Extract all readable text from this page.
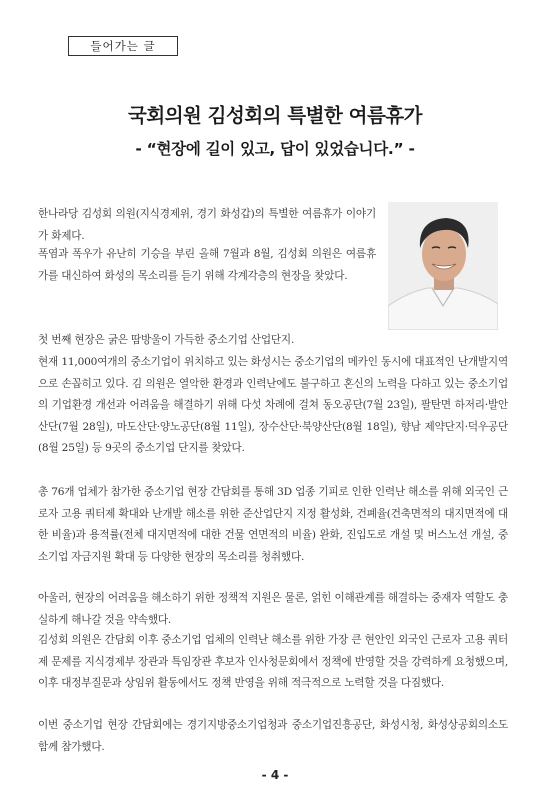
들어가는 글
국회의원 김성회의 특별한 여름휴가
- “현장에 길이 있고, 답이 있었습니다.” -

한나라당 김성회 의원(지식경제위, 경기 화성갑)의 특별한 여름휴가 이야기가 화제다.

폭염과 폭우가 유난히 기승을 부린 올해 7월과 8월, 김성회 의원은 여름휴가를 대신하여 화성의 목소리를 듣기 위해 각계각층의 현장을 찾았다.

첫 번째 현장은 굵은 땀방울이 가득한 중소기업 산업단지.

현재 11,000여개의 중소기업이 위치하고 있는 화성시는 중소기업의 메카인 동시에 대표적인 난개발지역으로 손꼽히고 있다. 김 의원은 열악한 환경과 인력난에도 불구하고 혼신의 노력을 다하고 있는 중소기업의 기업환경 개선과 어려움을 해결하기 위해 다섯 차례에 걸쳐 동오공단(7월 23일), 팔탄면 하저리·발안산단(7월 28일), 마도산단·양노공단(8월 11일), 장수산단·북양산단(8월 18일), 향남 제약단지·덕우공단(8월 25일) 등 9곳의 중소기업 단지를 찾았다.

총 76개 업체가 참가한 중소기업 현장 간담회를 통해 3D 업종 기피로 인한 인력난 해소를 위해 외국인 근로자 고용 쿼터제 확대와 난개발 해소를 위한 준산업단지 지정 활성화, 건폐율(건축면적의 대지면적에 대한 비율)과 용적률(전체 대지면적에 대한 건물 연면적의 비율) 완화, 진입도로 개설 및 버스노선 개설, 중소기업 자금지원 확대 등 다양한 현장의 목소리를 청취했다.

아울러, 현장의 어려움을 해소하기 위한 정책적 지원은 물론, 얽힌 이해관계를 해결하는 중재자 역할도 충실하게 해나갈 것을 약속했다.

김성회 의원은 간담회 이후 중소기업 업체의 인력난 해소를 위한 가장 큰 현안인 외국인 근로자 고용 쿼터제 문제를 지식경제부 장관과 특임장관 후보자 인사청문회에서 정책에 반영할 것을 강력하게 요청했으며, 이후 대정부질문과 상임위 활동에서도 정책 반영을 위해 적극적으로 노력할 것을 다짐했다.

이번 중소기업 현장 간담회에는 경기지방중소기업청과 중소기업진흥공단, 화성시청, 화성상공회의소도 함께 참가했다.

- 4 -
